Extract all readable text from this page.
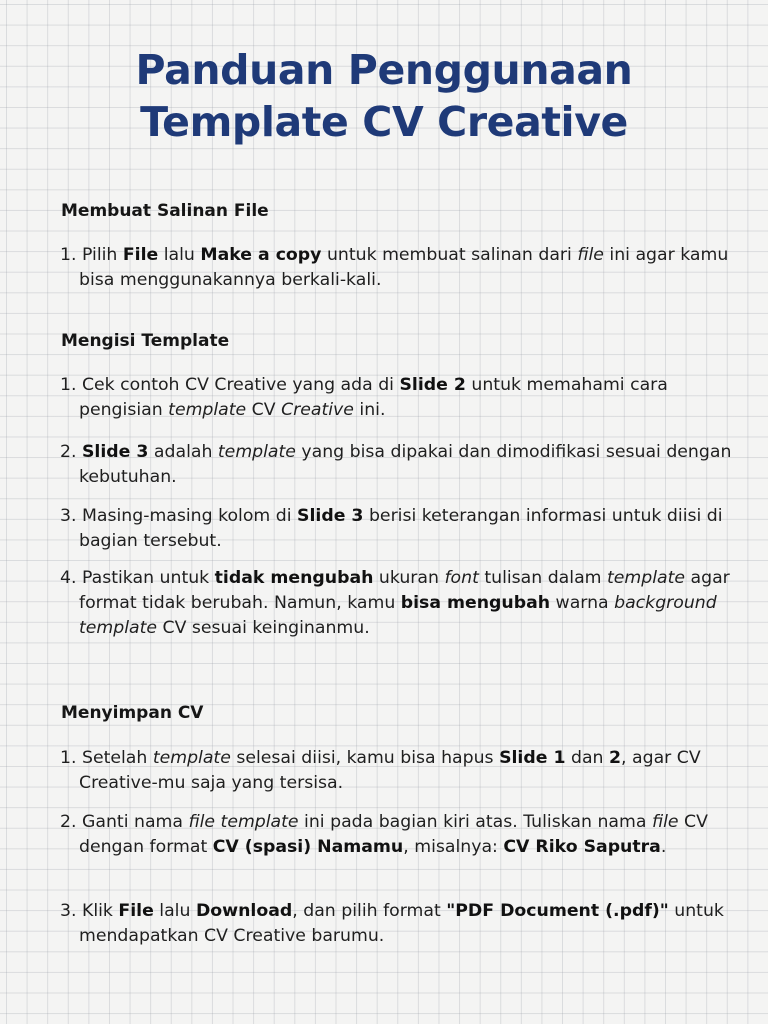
Panduan Penggunaan
Template CV Creative
Membuat Salinan File

1. Pilih File lalu Make a copy untuk membuat salinan dari file ini agar kamu bisa menggunakannya berkali-kali.

Mengisi Template

1. Cek contoh CV Creative yang ada di Slide 2 untuk memahami cara pengisian template CV Creative ini.

2. Slide 3 adalah template yang bisa dipakai dan dimodifikasi sesuai dengan kebutuhan.

3. Masing-masing kolom di Slide 3 berisi keterangan informasi untuk diisi di bagian tersebut.

4. Pastikan untuk tidak mengubah ukuran font tulisan dalam template agar format tidak berubah. Namun, kamu bisa mengubah warna background template CV sesuai keinginanmu.

Menyimpan CV

1. Setelah template selesai diisi, kamu bisa hapus Slide 1 dan 2, agar CV Creative-mu saja yang tersisa.

2. Ganti nama file template ini pada bagian kiri atas. Tuliskan nama file CV dengan format CV (spasi) Namamu, misalnya: CV Riko Saputra.

3. Klik File lalu Download, dan pilih format "PDF Document (.pdf)" untuk mendapatkan CV Creative barumu.
